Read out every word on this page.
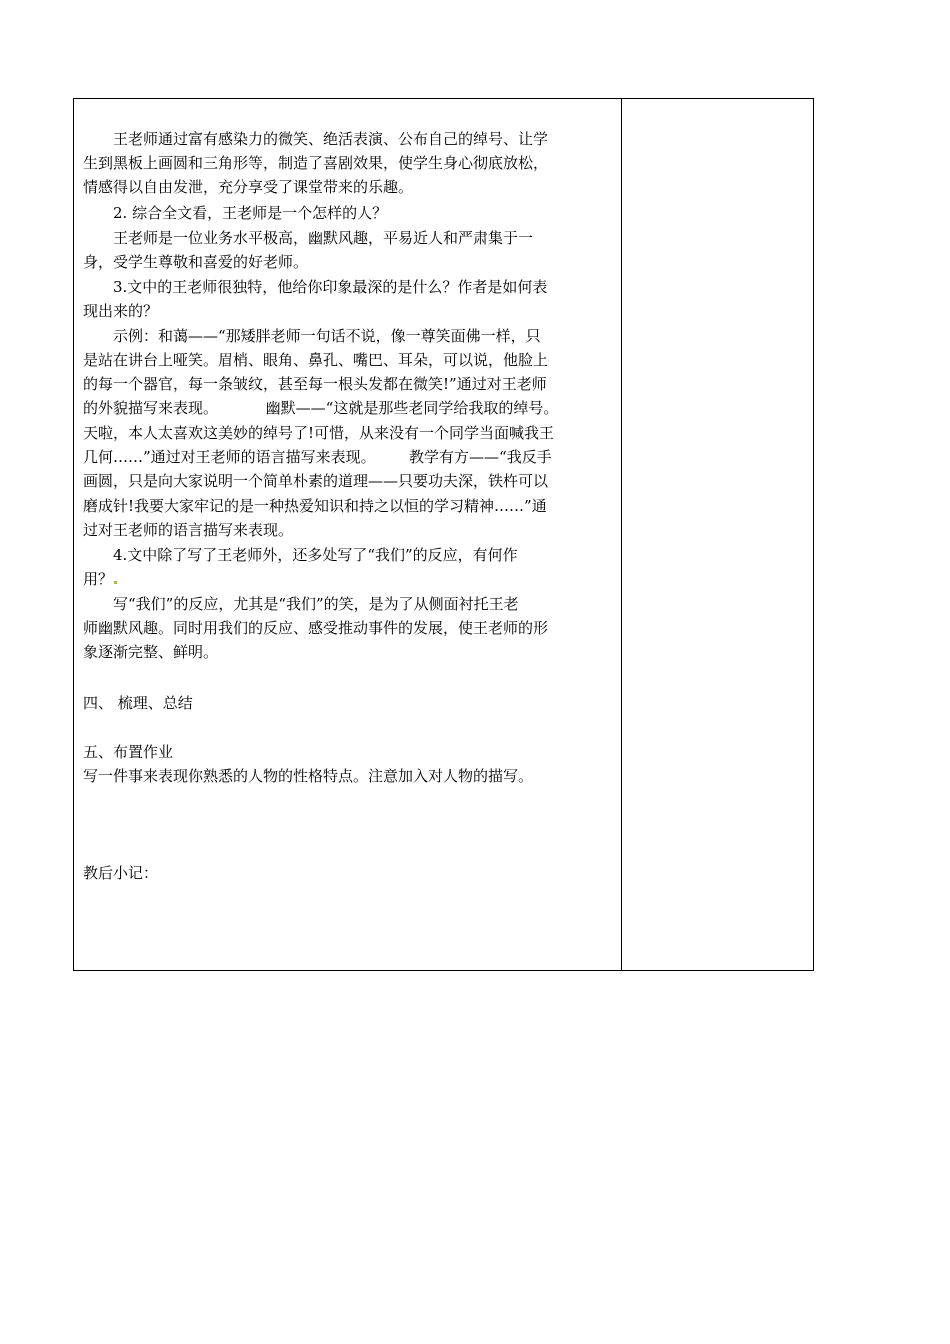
王老师通过富有感染力的微笑、绝活表演、公布自己的绰号、让学
生到黑板上画圆和三角形等，制造了喜剧效果，使学生身心彻底放松，
情感得以自由发泄，充分享受了课堂带来的乐趣。
2. 综合全文看，王老师是一个怎样的人？
王老师是一位业务水平极高，幽默风趣，平易近人和严肃集于一
身，受学生尊敬和喜爱的好老师。
3.文中的王老师很独特，他给你印象最深的是什么？作者是如何表
现出来的？
示例：和蔼——“那矮胖老师一句话不说，像一尊笑面佛一样，只
是站在讲台上哑笑。眉梢、眼角、鼻孔、嘴巴、耳朵，可以说，他脸上
的每一个器官，每一条皱纹，甚至每一根头发都在微笑!”通过对王老师
的外貌描写来表现。          幽默——“这就是那些老同学给我取的绰号。
天啦，本人太喜欢这美妙的绰号了!可惜，从来没有一个同学当面喊我王
几何……”通过对王老师的语言描写来表现。       教学有方——“我反手
画圆，只是向大家说明一个简单朴素的道理——只要功夫深，铁杵可以
磨成针!我要大家牢记的是一种热爱知识和持之以恒的学习精神……”通
过对王老师的语言描写来表现。
4.文中除了写了王老师外，还多处写了“我们”的反应，有何作
用？
写“我们”的反应，尤其是“我们”的笑，是为了从侧面衬托王老
师幽默风趣。同时用我们的反应、感受推动事件的发展，使王老师的形
象逐渐完整、鲜明。
四、 梳理、总结
五、布置作业
写一件事来表现你熟悉的人物的性格特点。注意加入对人物的描写。
教后小记：
